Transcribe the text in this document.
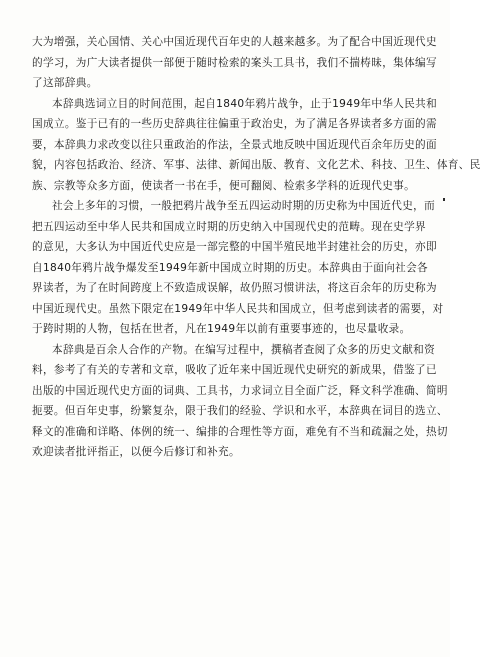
大为增强，关心国情、关心中国近现代百年史的人越来越多。为了配合中国近现代史
的学习，为广大读者提供一部便于随时检索的案头工具书，我们不揣梼昧，集体编写
了这部辞典。
本辞典选词立目的时间范围，起自1840年鸦片战争，止于1949年中华人民共和
国成立。鉴于已有的一些历史辞典往往偏重于政治史，为了满足各界读者多方面的需
要，本辞典力求改变以往只重政治的作法，全景式地反映中国近现代百余年历史的面
貌，内容包括政治、经济、军事、法律、新闻出版、教育、文化艺术、科技、卫生、体育、民
族、宗教等众多方面，使读者一书在手，便可翻阅、检索多学科的近现代史事。
社会上多年的习惯，一般把鸦片战争至五四运动时期的历史称为中国近代史，而
把五四运动至中华人民共和国成立时期的历史纳入中国现代史的范畴。现在史学界
的意见，大多认为中国近代史应是一部完整的中国半殖民地半封建社会的历史，亦即
自1840年鸦片战争爆发至1949年新中国成立时期的历史。本辞典由于面向社会各
界读者，为了在时间跨度上不致造成误解，故仍照习惯讲法，将这百余年的历史称为
中国近现代史。虽然下限定在1949年中华人民共和国成立，但考虑到读者的需要，对
于跨时期的人物，包括在世者，凡在1949年以前有重要事迹的，也尽量收录。
本辞典是百余人合作的产物。在编写过程中，撰稿者查阅了众多的历史文献和资
料，参考了有关的专著和文章，吸收了近年来中国近现代史研究的新成果，借鉴了已
出版的中国近现代史方面的词典、工具书，力求词立目全面广泛，释文科学准确、简明
扼要。但百年史事，纷繁复杂，限于我们的经验、学识和水平，本辞典在词目的选立、
释文的准确和详略、体例的统一、编排的合理性等方面，难免有不当和疏漏之处，热切
欢迎读者批评指正，以便今后修订和补充。
